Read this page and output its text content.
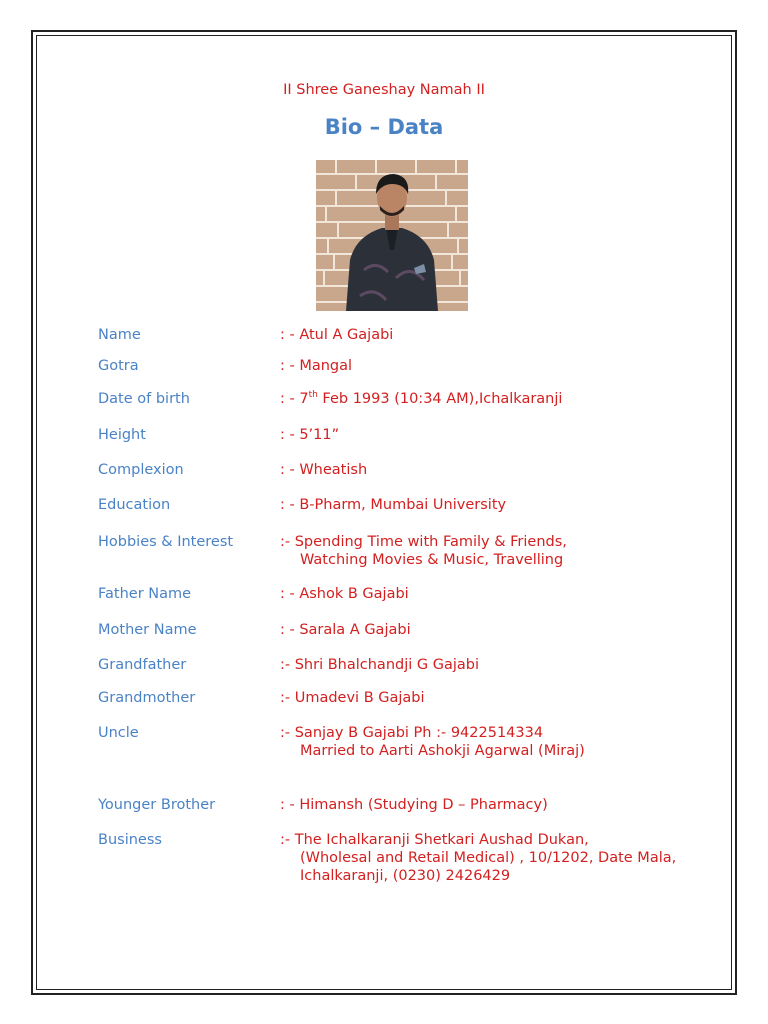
II Shree Ganeshay Namah II
Bio – Data
Name	: - Atul A Gajabi
Gotra	: - Mangal
Date of birth	: - 7th Feb 1993 (10:34 AM),Ichalkaranji
Height	: - 5’11”
Complexion	: - Wheatish
Education	: - B-Pharm, Mumbai University
Hobbies & Interest	:- Spending Time with Family & Friends,
Watching Movies & Music, Travelling
Father Name	: - Ashok B Gajabi
Mother Name	: - Sarala A Gajabi
Grandfather	:- Shri Bhalchandji G Gajabi
Grandmother	:- Umadevi B Gajabi
Uncle	:- Sanjay B Gajabi Ph :- 9422514334
Married to Aarti Ashokji Agarwal (Miraj)
Younger Brother	: - Himansh (Studying D – Pharmacy)
Business	:- The Ichalkaranji Shetkari Aushad Dukan,
(Wholesal and Retail Medical) , 10/1202, Date Mala,
Ichalkaranji, (0230) 2426429
